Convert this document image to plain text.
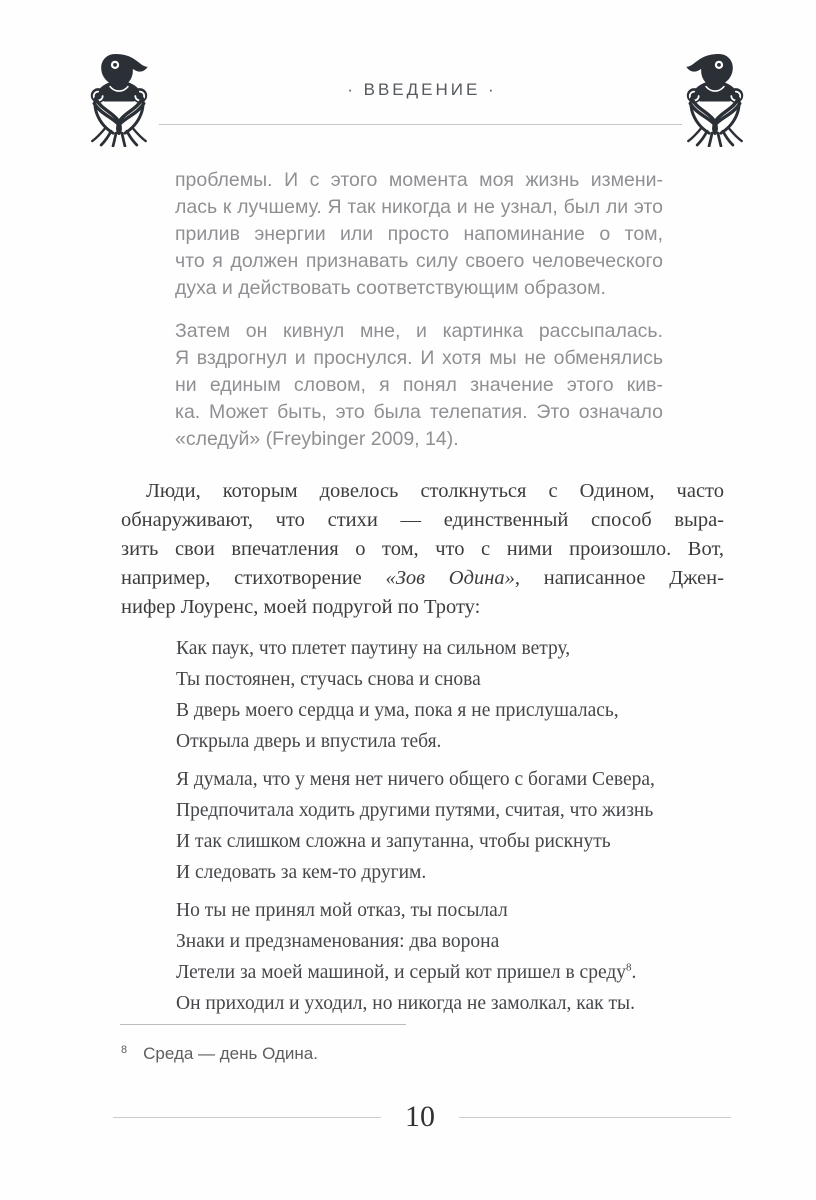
· ВВЕДЕНИЕ ·
проблемы. И с этого момента моя жизнь измени-
лась к лучшему. Я так никогда и не узнал, был ли это
прилив энергии или просто напоминание о том,
что я должен признавать силу своего человеческого
духа и действовать соответствующим образом.
Затем он кивнул мне, и картинка рассыпалась.
Я вздрогнул и проснулся. И хотя мы не обменялись
ни единым словом, я понял значение этого кив-
ка. Может быть, это была телепатия. Это означало
«следуй» (Freybinger 2009, 14).
Люди, которым довелось столкнуться с Одином, часто
обнаруживают, что стихи — единственный способ выра-
зить свои впечатления о том, что с ними произошло. Вот,
например, стихотворение «Зов Одина», написанное Джен-
нифер Лоуренс, моей подругой по Троту:
Как паук, что плетет паутину на сильном ветру,
Ты постоянен, стучась снова и снова
В дверь моего сердца и ума, пока я не прислушалась,
Открыла дверь и впустила тебя.
Я думала, что у меня нет ничего общего с богами Севера,
Предпочитала ходить другими путями, считая, что жизнь
И так слишком сложна и запутанна, чтобы рискнуть
И следовать за кем-то другим.
Но ты не принял мой отказ, ты посылал
Знаки и предзнаменования: два ворона
Летели за моей машиной, и серый кот пришел в среду$^8$.
Он приходил и уходил, но никогда не замолкал, как ты.
8 Среда — день Одина.
10
